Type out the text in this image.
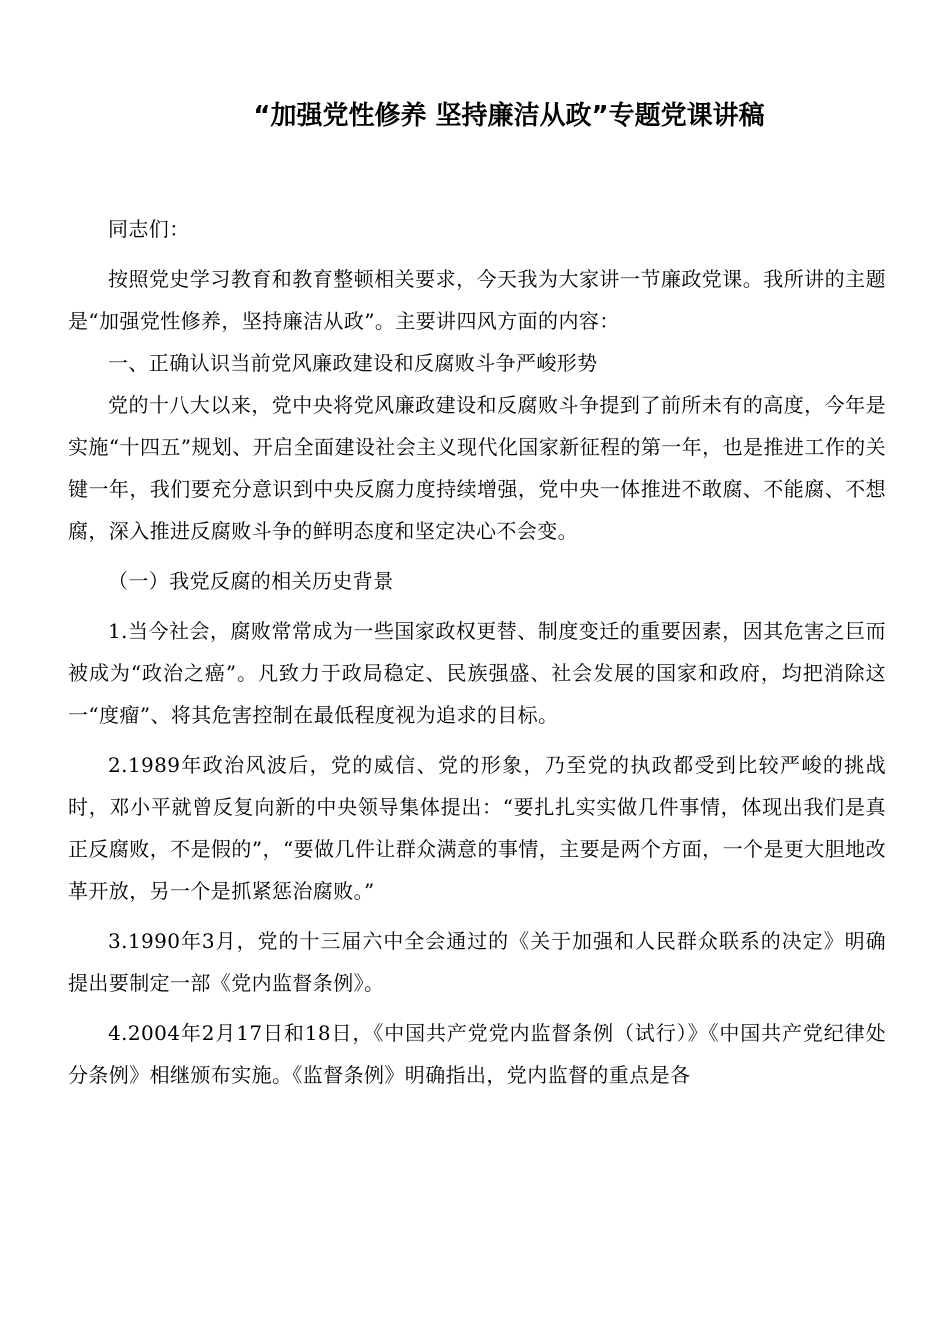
“加强党性修养 坚持廉洁从政”专题党课讲稿

同志们：

按照党史学习教育和教育整顿相关要求，今天我为大家讲一节廉政党课。我所讲的主题是“加强党性修养，坚持廉洁从政”。主要讲四风方面的内容：

一、正确认识当前党风廉政建设和反腐败斗争严峻形势

党的十八大以来，党中央将党风廉政建设和反腐败斗争提到了前所未有的高度，今年是实施“十四五”规划、开启全面建设社会主义现代化国家新征程的第一年，也是推进工作的关键一年，我们要充分意识到中央反腐力度持续增强，党中央一体推进不敢腐、不能腐、不想腐，深入推进反腐败斗争的鲜明态度和坚定决心不会变。

（一）我党反腐的相关历史背景

1.当今社会，腐败常常成为一些国家政权更替、制度变迁的重要因素，因其危害之巨而被成为“政治之癌”。凡致力于政局稳定、民族强盛、社会发展的国家和政府，均把消除这一“度瘤”、将其危害控制在最低程度视为追求的目标。

2.1989年政治风波后，党的威信、党的形象，乃至党的执政都受到比较严峻的挑战时，邓小平就曾反复向新的中央领导集体提出：“要扎扎实实做几件事情，体现出我们是真正反腐败，不是假的”，“要做几件让群众满意的事情，主要是两个方面，一个是更大胆地改革开放，另一个是抓紧惩治腐败。”

3.1990年3月，党的十三届六中全会通过的《关于加强和人民群众联系的决定》明确提出要制定一部《党内监督条例》。

4.2004年2月17日和18日，《中国共产党党内监督条例（试行）》《中国共产党纪律处分条例》相继颁布实施。《监督条例》明确指出，党内监督的重点是各
